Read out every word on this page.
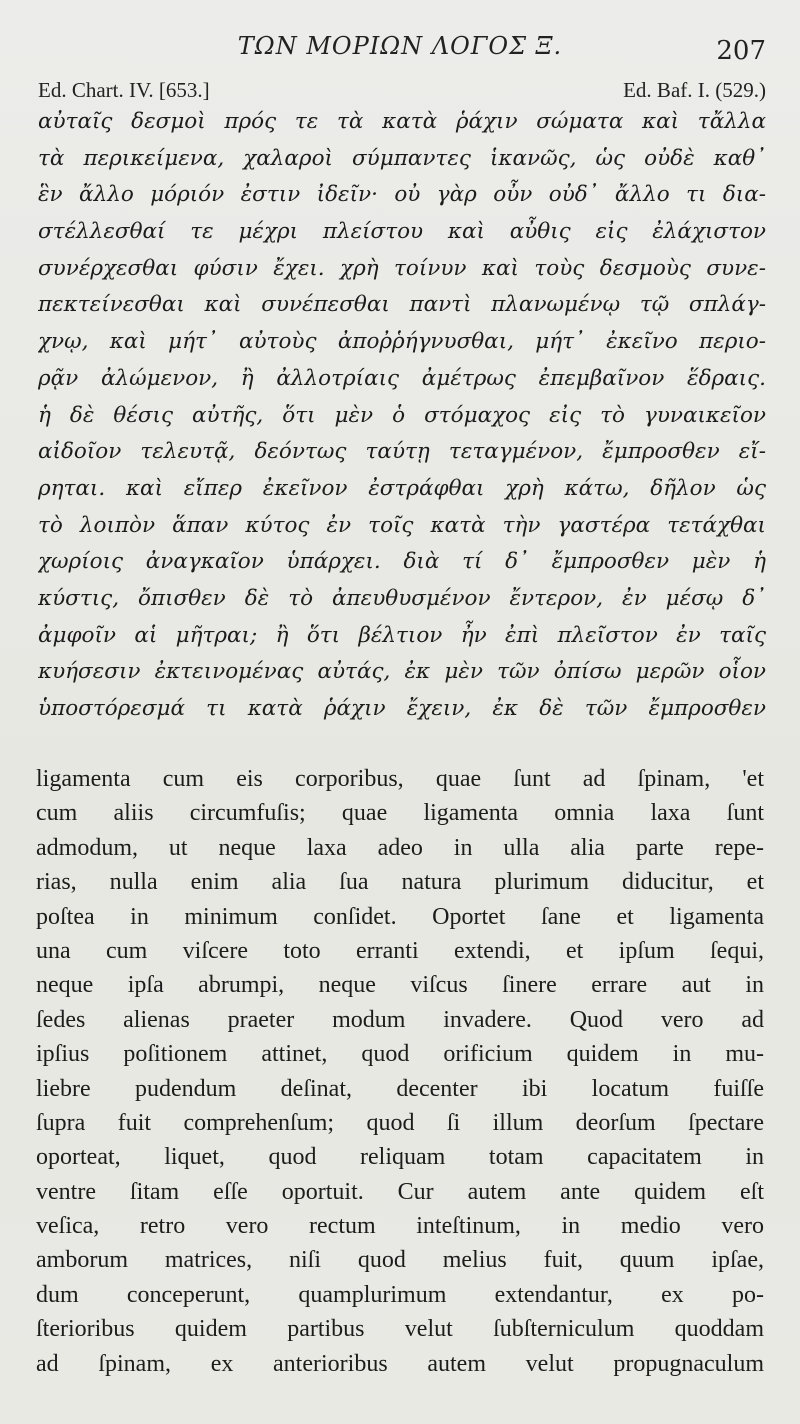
ΤΩΝ ΜΟΡΙΩΝ ΛΟΓΟΣ Ξ.	207
Ed. Chart. IV. [653.]	Ed. Baf. I. (529.)
αὐταῖς δεσμοὶ πρός τε τὰ κατὰ ῥάχιν σώματα καὶ τἄλλα
τὰ περικείμενα, χαλαροὶ σύμπαντες ἱκανῶς, ὡς οὐδὲ καθ᾽
ἓν ἄλλο μόριόν ἐστιν ἰδεῖν· οὐ γὰρ οὖν οὐδ᾽ ἄλλο τι δια-
στέλλεσθαί τε μέχρι πλείστου καὶ αὖθις εἰς ἐλάχιστον
συνέρχεσθαι φύσιν ἔχει. χρὴ τοίνυν καὶ τοὺς δεσμοὺς συνε-
πεκτείνεσθαι καὶ συνέπεσθαι παντὶ πλανωμένῳ τῷ σπλάγ-
χνῳ, καὶ μήτ᾽ αὐτοὺς ἀποῤῥήγνυσθαι, μήτ᾽ ἐκεῖνο περιο-
ρᾷν ἀλώμενον, ἢ ἀλλοτρίαις ἀμέτρως ἐπεμβαῖνον ἕδραις.
ἡ δὲ θέσις αὐτῆς, ὅτι μὲν ὁ στόμαχος εἰς τὸ γυναικεῖον
αἰδοῖον τελευτᾷ, δεόντως ταύτῃ τεταγμένον, ἔμπροσθεν εἴ-
ρηται. καὶ εἴπερ ἐκεῖνον ἐστράφθαι χρὴ κάτω, δῆλον ὡς
τὸ λοιπὸν ἅπαν κύτος ἐν τοῖς κατὰ τὴν γαστέρα τετάχθαι
χωρίοις ἀναγκαῖον ὑπάρχει. διὰ τί δ᾽ ἔμπροσθεν μὲν ἡ
κύστις, ὄπισθεν δὲ τὸ ἀπευθυσμένον ἔντερον, ἐν μέσῳ δ᾽
ἀμφοῖν αἱ μῆτραι; ἢ ὅτι βέλτιον ἦν ἐπὶ πλεῖστον ἐν ταῖς
κυήσεσιν ἐκτεινομένας αὐτάς, ἐκ μὲν τῶν ὀπίσω μερῶν οἷον
ὑποστόρεσμά τι κατὰ ῥάχιν ἔχειν, ἐκ δὲ τῶν ἔμπροσθεν
ligamenta cum eis corporibus, quae ſunt ad ſpinam, 'et
cum aliis circumfuſis; quae ligamenta omnia laxa ſunt
admodum, ut neque laxa adeo in ulla alia parte repe-
rias, nulla enim alia ſua natura plurimum diducitur, et
poſtea in minimum conſidet. Oportet ſane et ligamenta
una cum viſcere toto erranti extendi, et ipſum ſequi,
neque ipſa abrumpi, neque viſcus ſinere errare aut in
ſedes alienas praeter modum invadere. Quod vero ad
ipſius poſitionem attinet, quod orificium quidem in mu-
liebre pudendum deſinat, decenter ibi locatum fuiſſe
ſupra fuit comprehenſum; quod ſi illum deorſum ſpectare
oporteat, liquet, quod reliquam totam capacitatem in
ventre ſitam eſſe oportuit. Cur autem ante quidem eſt
veſica, retro vero rectum inteſtinum, in medio vero
amborum matrices, niſi quod melius fuit, quum ipſae,
dum conceperunt, quamplurimum extendantur, ex po-
ſterioribus quidem partibus velut ſubſterniculum quoddam
ad ſpinam, ex anterioribus autem velut propugnaculum
